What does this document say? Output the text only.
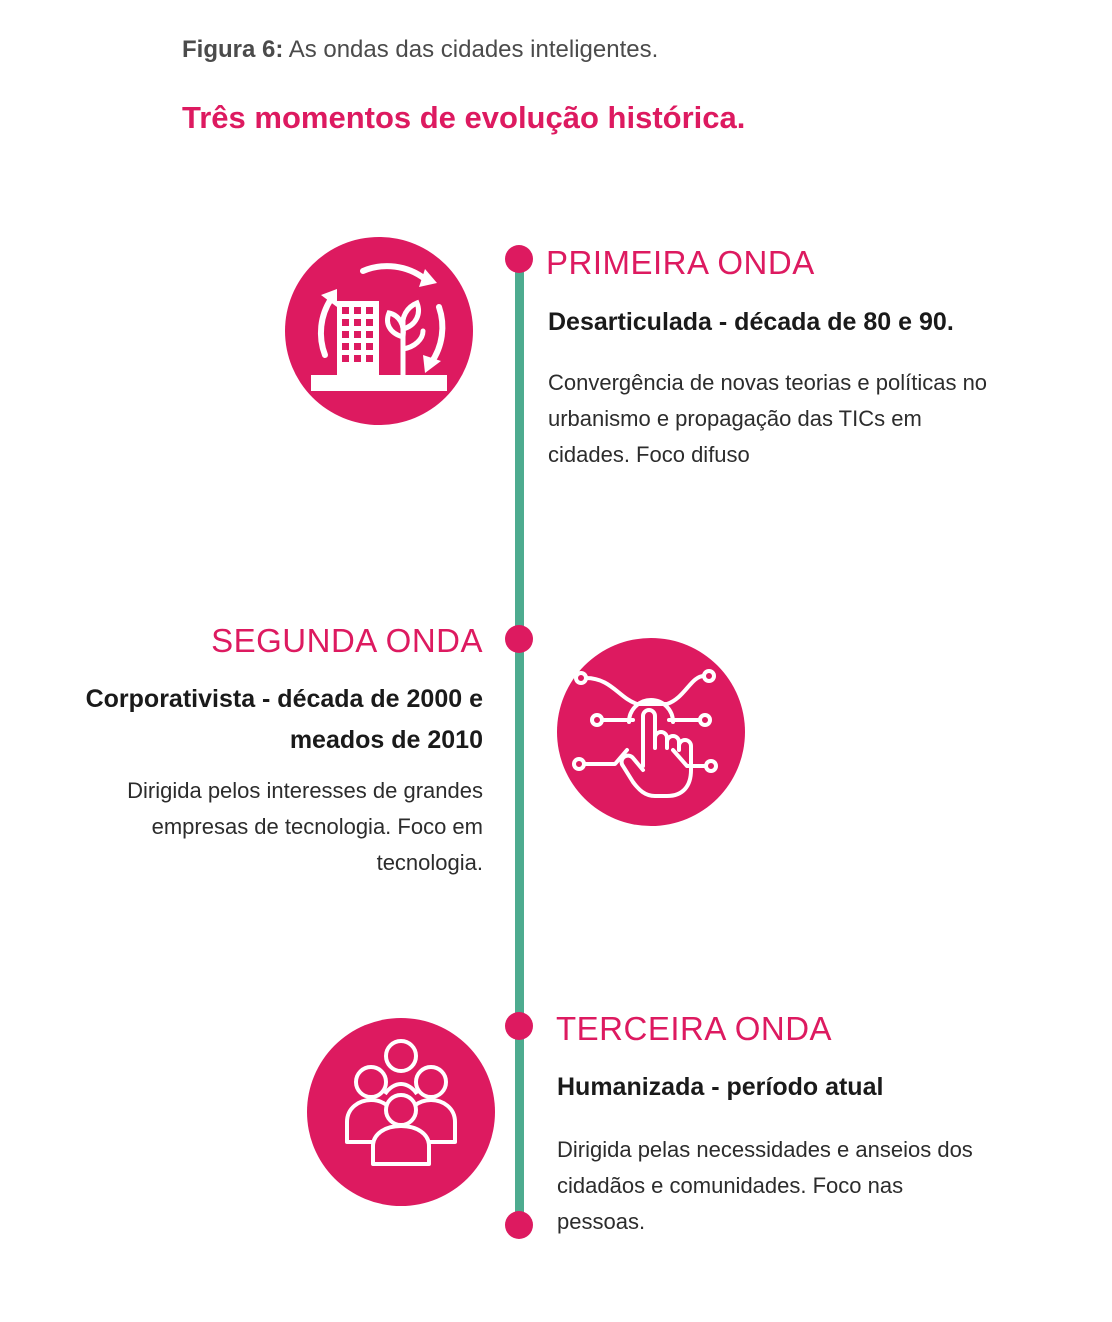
Figura 6: As ondas das cidades inteligentes.
Três momentos de evolução histórica.
PRIMEIRA ONDA
Desarticulada - década de 80 e 90.
Convergência de novas teorias e políticas no urbanismo e propagação das TICs em cidades. Foco difuso
SEGUNDA ONDA
Corporativista - década de 2000 e meados de 2010
Dirigida pelos interesses de grandes empresas de tecnologia. Foco em tecnologia.
TERCEIRA ONDA
Humanizada - período atual
Dirigida pelas necessidades e anseios dos cidadãos e comunidades. Foco nas pessoas.
